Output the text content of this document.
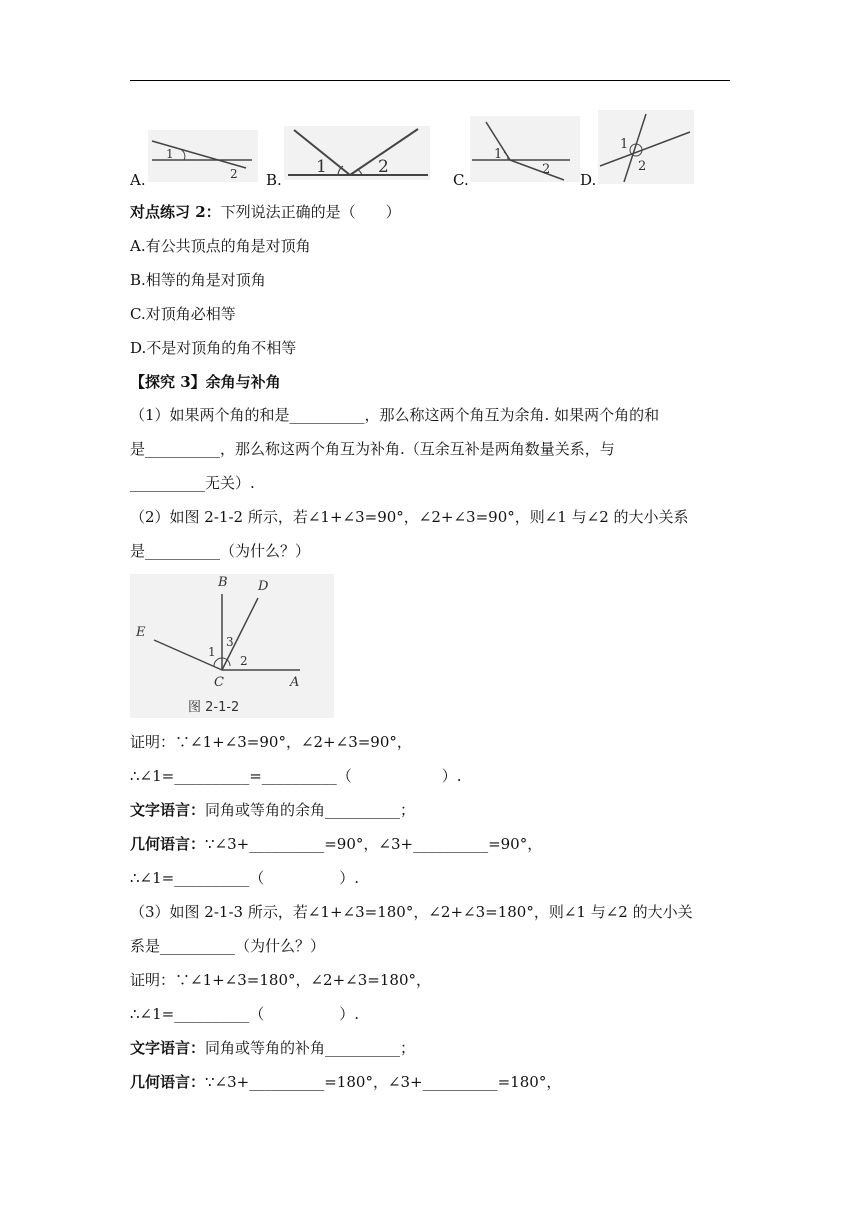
1
2
A.
1	2
B.
1
2
C.
1
2
D.
对点练习 2：下列说法正确的是（　　）
A.有公共顶点的角是对顶角
B.相等的角是对顶角
C.对顶角必相等
D.不是对顶角的角不相等
【探究 3】余角与补角
（1）如果两个角的和是__________，那么称这两个角互为余角. 如果两个角的和
是__________，那么称这两个角互为补角.（互余互补是两角数量关系，与
__________无关）.
（2）如图 2-1-2 所示，若∠1+∠3=90°，∠2+∠3=90°，则∠1 与∠2 的大小关系
是__________（为什么？）
B D
E
C	A
1
2
3
图 2-1-2
证明：∵∠1+∠3=90°，∠2+∠3=90°，
∴∠1=__________=__________（　　　　　　）.
文字语言：同角或等角的余角__________；
几何语言：∵∠3+__________=90°，∠3+__________=90°，
∴∠1=__________（　　　　　）.
（3）如图 2-1-3 所示，若∠1+∠3=180°，∠2+∠3=180°，则∠1 与∠2 的大小关
系是__________（为什么？）
证明：∵∠1+∠3=180°，∠2+∠3=180°，
∴∠1=__________（　　　　　）.
文字语言：同角或等角的补角__________；
几何语言：∵∠3+__________=180°，∠3+__________=180°，
